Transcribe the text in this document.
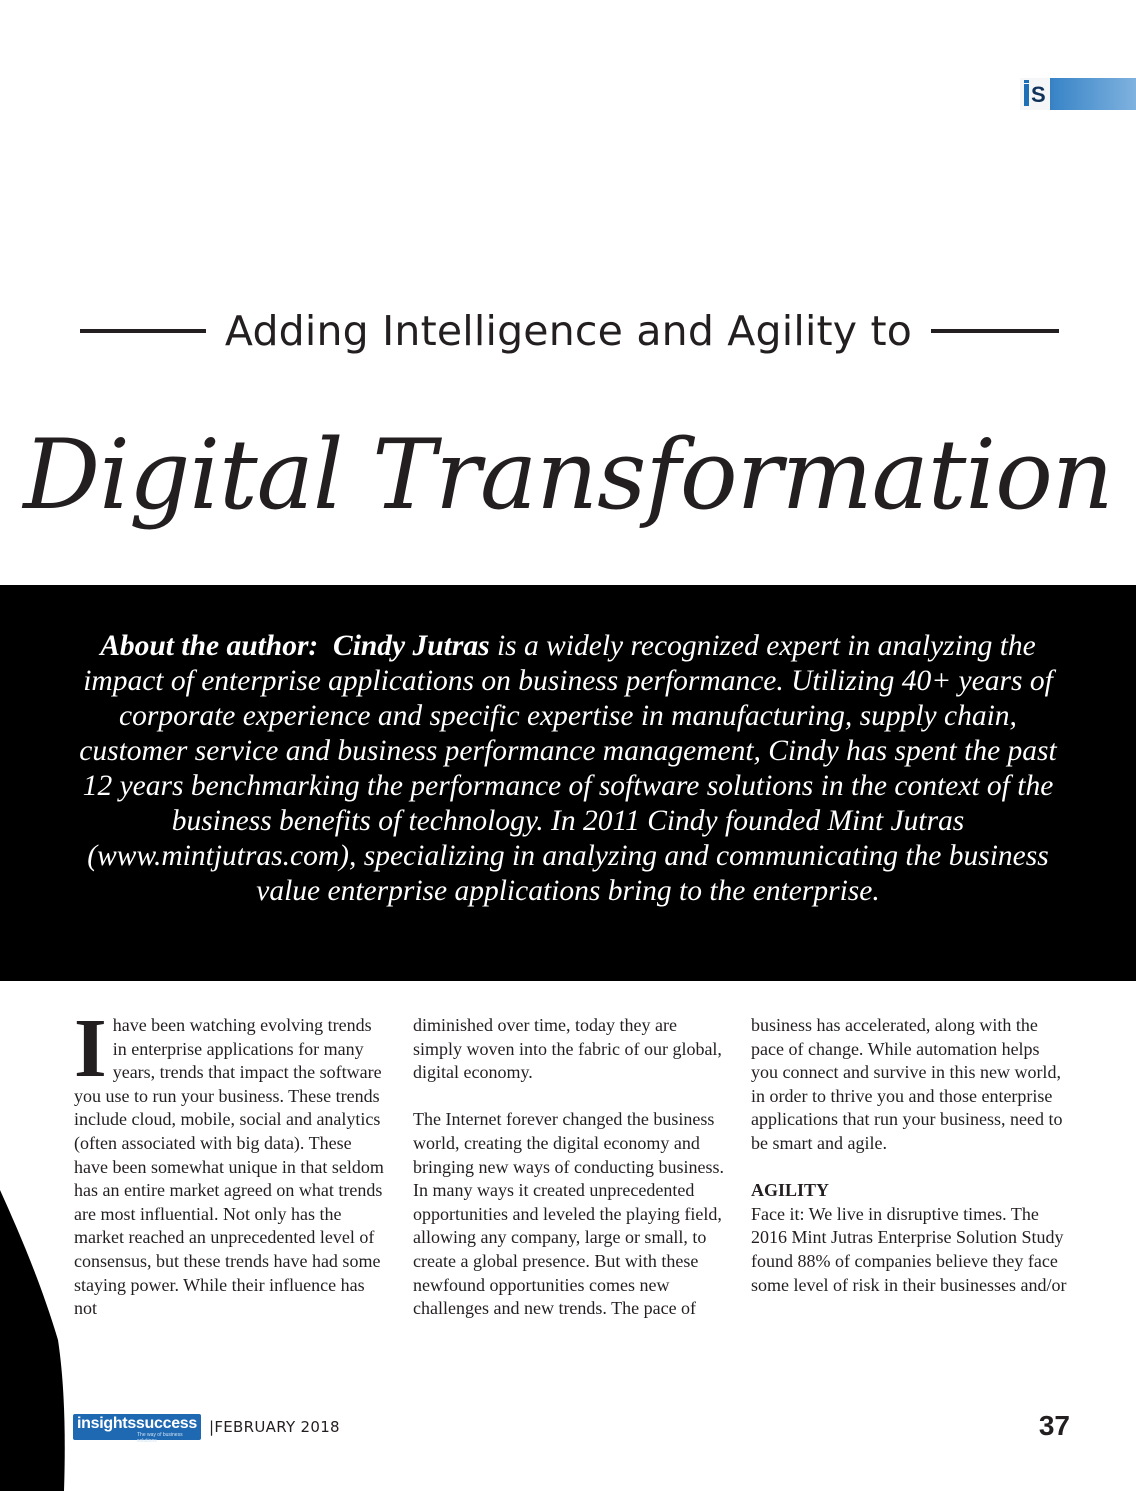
S
Adding Intelligence and Agility to
Digital Transformation
About the author: Cindy Jutras is a widely recognized expert in analyzing the impact of enterprise applications on business performance. Utilizing 40+ years of corporate experience and specific expertise in manufacturing, supply chain, customer service and business performance management, Cindy has spent the past 12 years benchmarking the performance of software solutions in the context of the business benefits of technology. In 2011 Cindy founded Mint Jutras (www.mintjutras.com), specializing in analyzing and communicating the business value enterprise applications bring to the enterprise.

I have been watching evolving trends in enterprise applications for many years, trends that impact the software you use to run your business. These trends include cloud, mobile, social and analytics (often associated with big data). These have been somewhat unique in that seldom has an entire market agreed on what trends are most influential. Not only has the market reached an unprecedented level of consensus, but these trends have had some staying power. While their influence has not

diminished over time, today they are simply woven into the fabric of our global, digital economy.

The Internet forever changed the business world, creating the digital economy and bringing new ways of conducting business. In many ways it created unprecedented opportunities and leveled the playing field, allowing any company, large or small, to create a global presence. But with these newfound opportunities comes new challenges and new trends. The pace of

business has accelerated, along with the pace of change. While automation helps you connect and survive in this new world, in order to thrive you and those enterprise applications that run your business, need to be smart and agile.

AGILITY
Face it: We live in disruptive times. The 2016 Mint Jutras Enterprise Solution Study found 88% of companies believe they face some level of risk in their businesses and/or

insightssuccess
The way of business solutions
|FEBRUARY 2018	37
